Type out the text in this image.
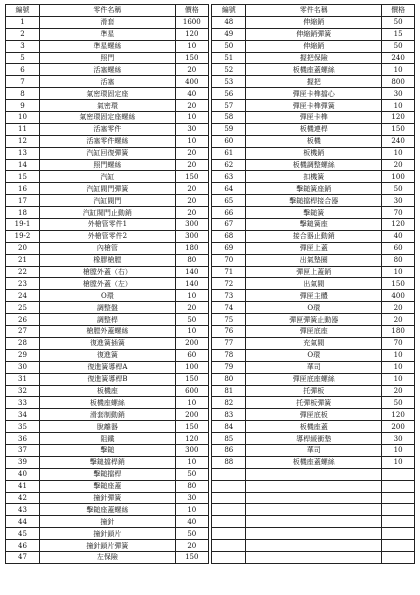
編號	零件名稱	價格		編號	零件名稱	價格
1	滑套	1600		48	伸縮銷	50
2	準星	120		49	伸縮銷彈簧	15
3	準星螺絲	10		50	伸縮銷	50
5	照門	150		51	握把保險	240
6	活塞螺絲	20		52	板機座蓋螺絲	10
7	活塞	400		53	握把	800
8	氣密環固定座	40		56	彈匣卡榫擋心	30
9	氣密環	20		57	彈匣卡榫彈簧	10
10	氣密環固定座螺絲	10		58	彈匣卡榫	120
11	活塞零件	30		59	板機連桿	150
12	活塞零件螺絲	10		60	板機	240
13	汽缸回復彈簧	20		61	板機銷	10
14	照門螺絲	20		62	板機調整螺絲	20
15	汽缸	150		63	扣機簧	100
16	汽缸閥門彈簧	20		64	擊鎚簧座銷	50
17	汽缸閥門	20		65	擊鎚擋桿接合器	30
18	汽缸閥門止動銷	20		66	擊鎚簧	70
19-1	外槍管零件1	300		67	擊鎚簧座	120
19-2	外槍管零件2	300		68	接合器止動銷	40
20	內槍管	180		69	彈匣上蓋	60
21	橡膠槍膛	80		70	出氣墊圈	80
22	槍膛外蓋（右）	140		71	彈匣上蓋銷	10
23	槍膛外蓋（左）	140		72	出氣閥	150
24	O環	10		73	彈匣主體	400
25	調整盤	20		74	O環	20
26	調整桿	50		75	彈匣彈簧止動器	20
27	槍膛外蓋螺絲	10		76	彈匣底座	180
28	復進簧插簧	200		77	充氣閥	70
29	復進簧	60		78	O環	10
30	復進簧導桿A	100		79	華司	10
31	復進簧導桿B	150		80	彈匣底座螺絲	10
32	板機座	600		81	托彈板	20
33	板機座螺絲	10		82	托彈板彈簧	50
34	滑套制動銷	200		83	彈匣底板	120
35	脫離器	150		84	板機座蓋	200
36	阻鐵	120		85	導桿緩衝墊	30
37	擊鎚	300		86	華司	10
39	擊鎚擋桿銷	10		88	板機座蓋螺絲	10
40	擊鎚擋桿	50				
41	擊鎚座蓋	80				
42	撞針彈簧	30				
43	擊鎚座蓋螺絲	10				
44	撞針	40				
45	撞針鎖片	50				
46	撞針鎖片彈簧	20				
47	左保險	150				
